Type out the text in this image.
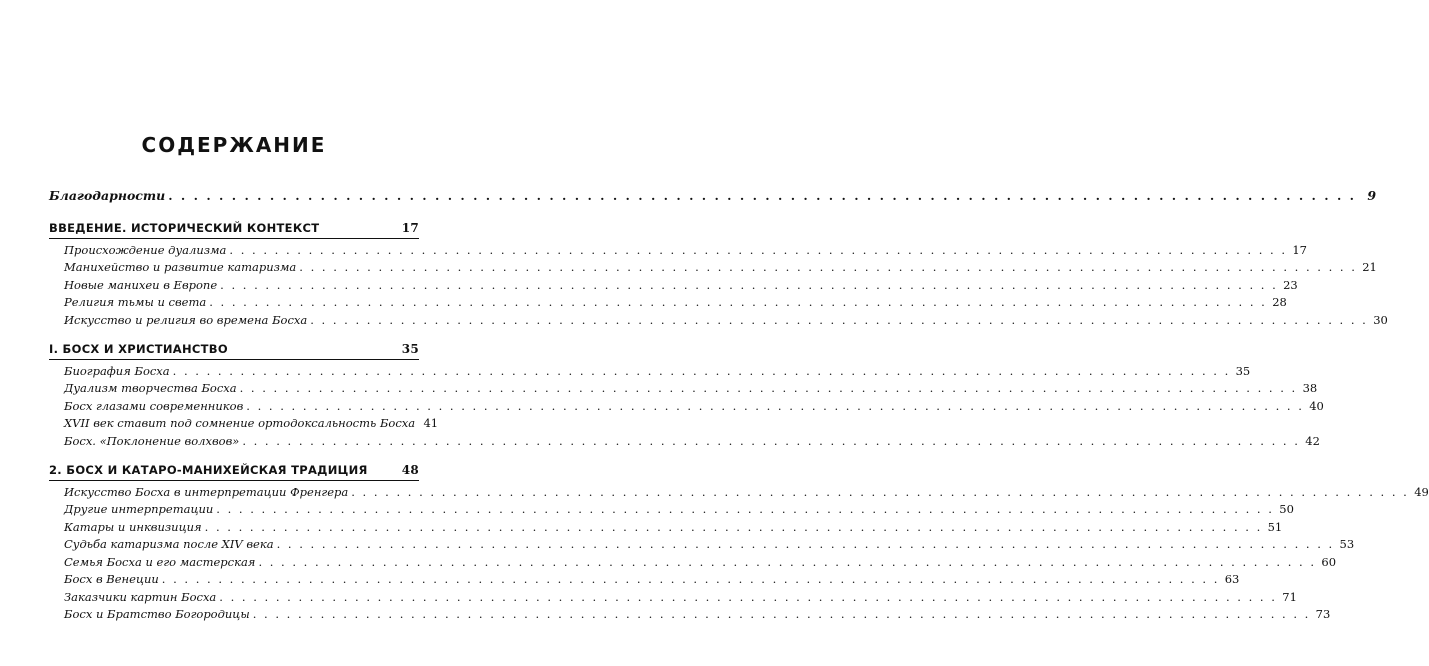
СОДЕРЖАНИЕ
Благодарности . . .	9
ВВЕДЕНИЕ. ИСТОРИЧЕСКИЙ КОНТЕКСТ	17
Происхождение дуализма . . .	17
Манихейство и развитие катаризма . . .	21
Новые манихеи в Европе . . .	23
Религия тьмы и света . . .	28
Искусство и религия во времена Босха . . .	30
I. БОСХ И ХРИСТИАНСТВО	35
Биография Босха . . .	35
Дуализм творчества Босха . . .	38
Босх глазами современников . . .	40
XVII век ставит под сомнение ортодоксальность Босха 41
Босх. «Поклонение волхвов» . . .	42
2. БОСХ И КАТАРО-МАНИХЕЙСКАЯ ТРАДИЦИЯ	48
Искусство Босха в интерпретации Френгера . . .	49
Другие интерпретации . . .	50
Катары и инквизиция . . .	51
Судьба катаризма после XIV века . . .	53
Семья Босха и его мастерская . . .	60
Босх в Венеции . . .	63
Заказчики картин Босха . . .	71
Босх и Братство Богородицы . . .	73
